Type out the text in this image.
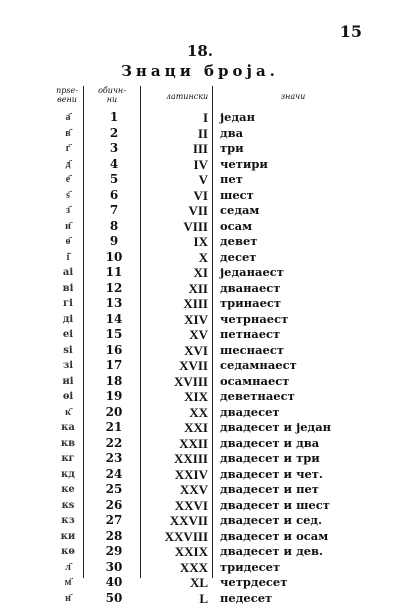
15
18.
Знаци броја.
прѕе-
вени
обичн-
ни	латински	значи
а҃	1	I један
в҃	2	II два
г҃	3	III три
д҃	4	IV четири
е҃	5	V пет
ѕ҃	6	VI шест
з҃	7	VII седам
и҃	8	VIII осам
ѳ҃	9	IX девет
і҃	10	X десет
аі	11	XI једанаест
ві	12	XII дванаест
гі	13	XIII тринаест
ді	14	XIV четрнаест
еі	15	XV петнаест
ѕі	16	XVI шеснаест
зі	17	XVII седамнаест
иі	18	XVIII осамнаест
ѳі	19	XIX деветнаест
к҃	20	XX двадесет
ка	21	XXI двадесет и један
кв	22	XXII двадесет и два
кг	23	XXIII двадесет и три
кд	24	XXIV двадесет и чет.
ке	25	XXV двадесет и пет
кѕ	26	XXVI двадесет и шест
кз	27	XXVII двадесет и сед.
ки	28	XXVIII двадесет и осам
кѳ	29	XXIX двадесет и дев.
л҃	30	XXX тридесет
м҃	40	XL четрдесет
н҃	50	L педесет
